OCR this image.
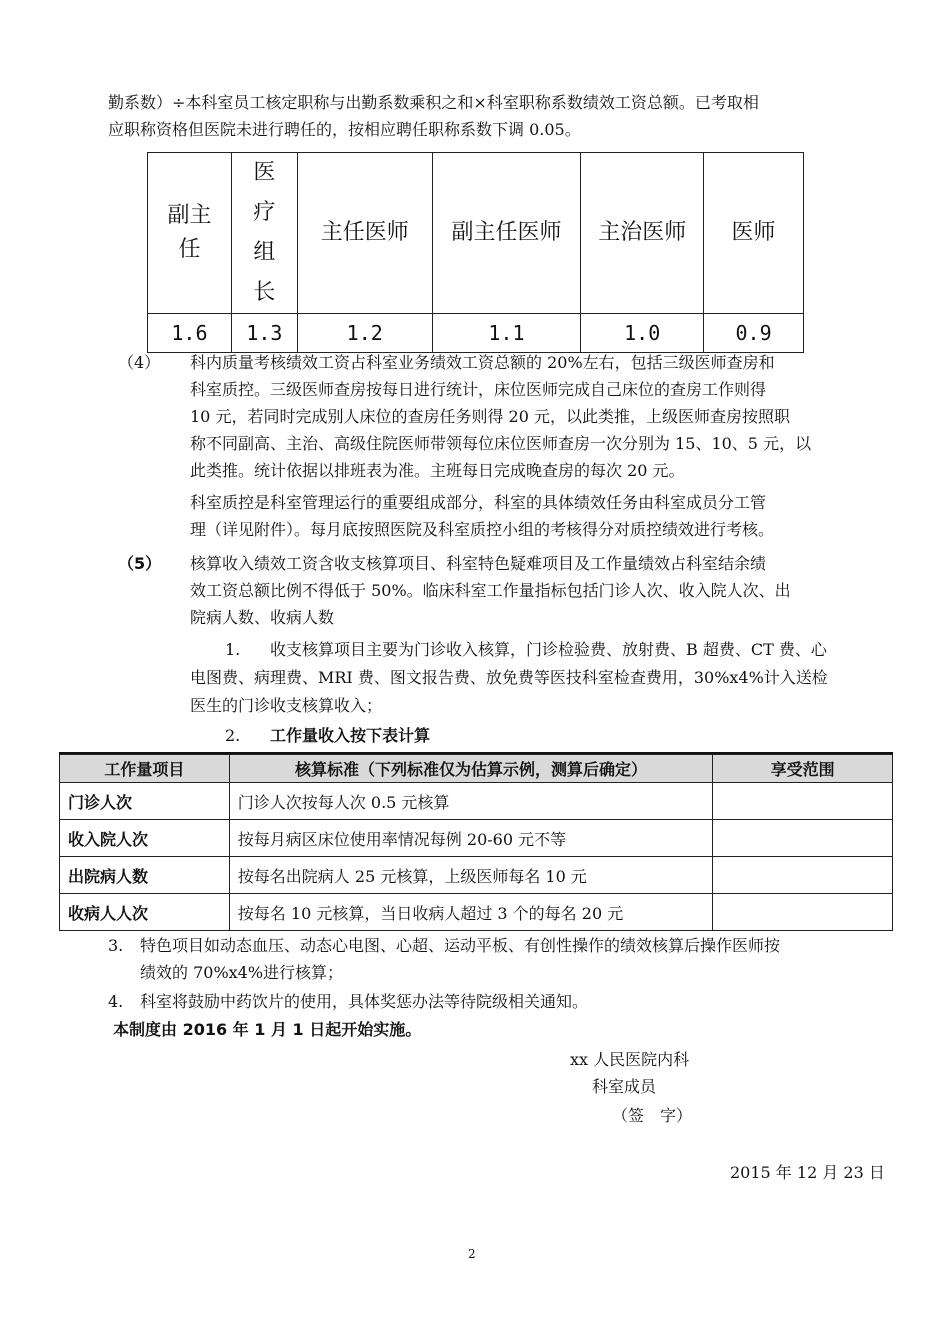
勤系数）÷本科室员工核定职称与出勤系数乘积之和×科室职称系数绩效工资总额。已考取相
应职称资格但医院未进行聘任的，按相应聘任职称系数下调 0.05。
副主任	医疗组长	主任医师	副主任医师	主治医师	医师
1.6	1.3	1.2	1.1	1.0	0.9
（4） 科内质量考核绩效工资占科室业务绩效工资总额的 20%左右，包括三级医师查房和
科室质控。三级医师查房按每日进行统计，床位医师完成自己床位的查房工作则得
10 元，若同时完成别人床位的查房任务则得 20 元，以此类推，上级医师查房按照职
称不同副高、主治、高级住院医师带领每位床位医师查房一次分别为 15、10、5 元，以
此类推。统计依据以排班表为准。主班每日完成晚查房的每次 20 元。
科室质控是科室管理运行的重要组成部分，科室的具体绩效任务由科室成员分工管
理（详见附件）。每月底按照医院及科室质控小组的考核得分对质控绩效进行考核。
（5） 核算收入绩效工资含收支核算项目、科室特色疑难项目及工作量绩效占科室结余绩
效工资总额比例不得低于 50%。临床科室工作量指标包括门诊人次、收入院人次、出
院病人数、收病人数
1. 收支核算项目主要为门诊收入核算，门诊检验费、放射费、B 超费、CT 费、心
电图费、病理费、MRI 费、图文报告费、放免费等医技科室检查费用，30%x4%计入送检
医生的门诊收支核算收入；
2. 工作量收入按下表计算
工作量项目	核算标准（下列标准仅为估算示例，测算后确定）	享受范围
门诊人次	门诊人次按每人次 0.5 元核算	
收入院人次	按每月病区床位使用率情况每例 20-60 元不等	
出院病人数	按每名出院病人 25 元核算，上级医师每名 10 元	
收病人人次	按每名 10 元核算，当日收病人超过 3 个的每名 20 元	
3. 特色项目如动态血压、动态心电图、心超、运动平板、有创性操作的绩效核算后操作医师按
绩效的 70%x4%进行核算；
4. 科室将鼓励中药饮片的使用，具体奖惩办法等待院级相关通知。
本制度由 2016 年 1 月 1 日起开始实施。
xx 人民医院内科
科室成员
（签　字）
2015 年 12 月 23 日
2
